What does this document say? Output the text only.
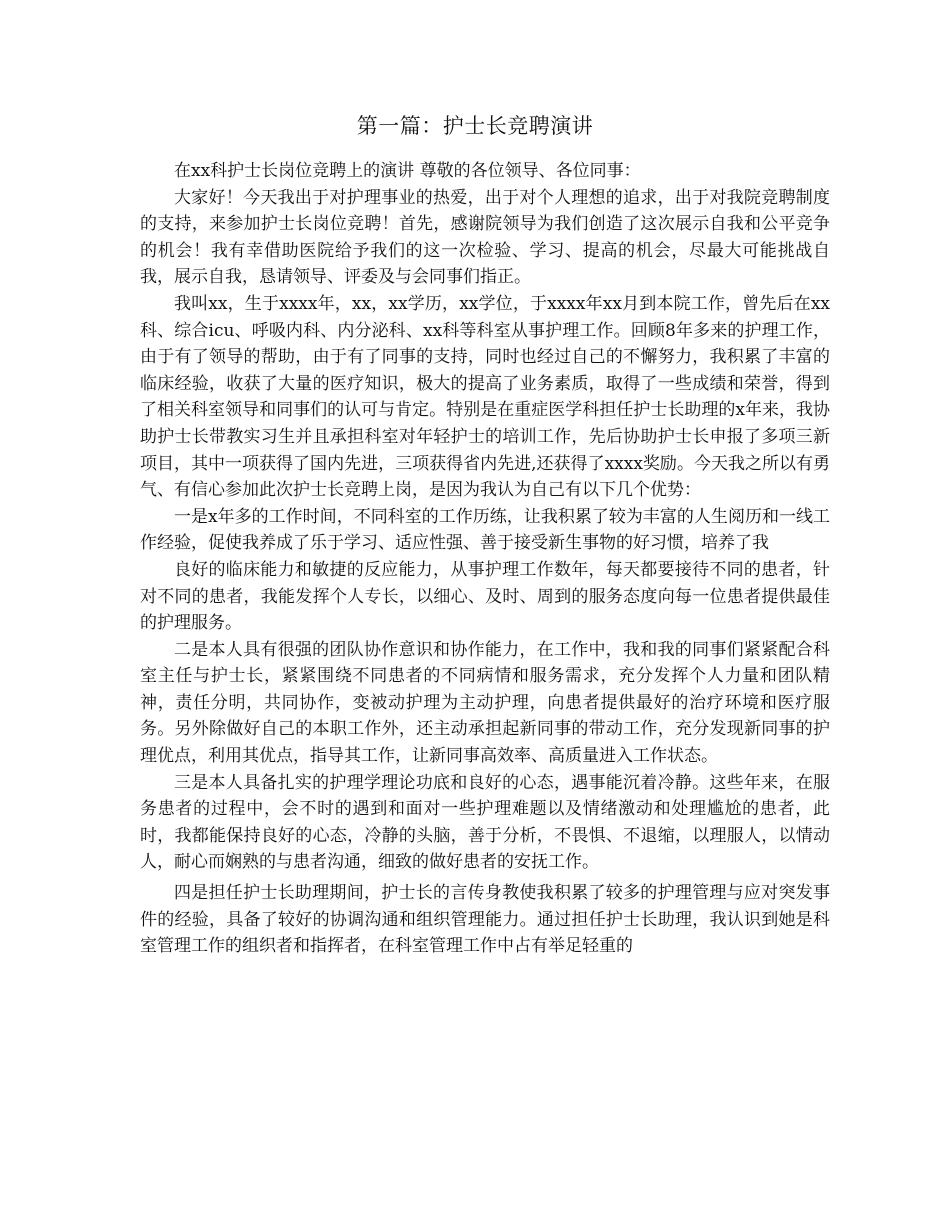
第一篇：护士长竞聘演讲

在xx科护士长岗位竞聘上的演讲 尊敬的各位领导、各位同事：

大家好！今天我出于对护理事业的热爱，出于对个人理想的追求，出于对我院竞聘制度的支持，来参加护士长岗位竞聘！首先，感谢院领导为我们创造了这次展示自我和公平竞争的机会！我有幸借助医院给予我们的这一次检验、学习、提高的机会，尽最大可能挑战自我，展示自我，恳请领导、评委及与会同事们指正。

我叫xx，生于xxxx年，xx，xx学历，xx学位，于xxxx年xx月到本院工作，曾先后在xx科、综合icu、呼吸内科、内分泌科、xx科等科室从事护理工作。回顾8年多来的护理工作，由于有了领导的帮助，由于有了同事的支持，同时也经过自己的不懈努力，我积累了丰富的临床经验，收获了大量的医疗知识，极大的提高了业务素质，取得了一些成绩和荣誉，得到了相关科室领导和同事们的认可与肯定。特别是在重症医学科担任护士长助理的x年来，我协助护士长带教实习生并且承担科室对年轻护士的培训工作，先后协助护士长申报了多项三新项目，其中一项获得了国内先进，三项获得省内先进,还获得了xxxx奖励。今天我之所以有勇气、有信心参加此次护士长竞聘上岗，是因为我认为自己有以下几个优势：

一是x年多的工作时间，不同科室的工作历练，让我积累了较为丰富的人生阅历和一线工作经验，促使我养成了乐于学习、适应性强、善于接受新生事物的好习惯，培养了我

良好的临床能力和敏捷的反应能力，从事护理工作数年，每天都要接待不同的患者，针对不同的患者，我能发挥个人专长，以细心、及时、周到的服务态度向每一位患者提供最佳的护理服务。

二是本人具有很强的团队协作意识和协作能力，在工作中，我和我的同事们紧紧配合科室主任与护士长，紧紧围绕不同患者的不同病情和服务需求，充分发挥个人力量和团队精神，责任分明，共同协作，变被动护理为主动护理，向患者提供最好的治疗环境和医疗服务。另外除做好自己的本职工作外，还主动承担起新同事的带动工作，充分发现新同事的护理优点，利用其优点，指导其工作，让新同事高效率、高质量进入工作状态。

三是本人具备扎实的护理学理论功底和良好的心态，遇事能沉着冷静。这些年来，在服务患者的过程中，会不时的遇到和面对一些护理难题以及情绪激动和处理尴尬的患者，此时，我都能保持良好的心态，冷静的头脑，善于分析，不畏惧、不退缩，以理服人，以情动人，耐心而娴熟的与患者沟通，细致的做好患者的安抚工作。

四是担任护士长助理期间，护士长的言传身教使我积累了较多的护理管理与应对突发事件的经验，具备了较好的协调沟通和组织管理能力。通过担任护士长助理，我认识到她是科室管理工作的组织者和指挥者，在科室管理工作中占有举足轻重的
